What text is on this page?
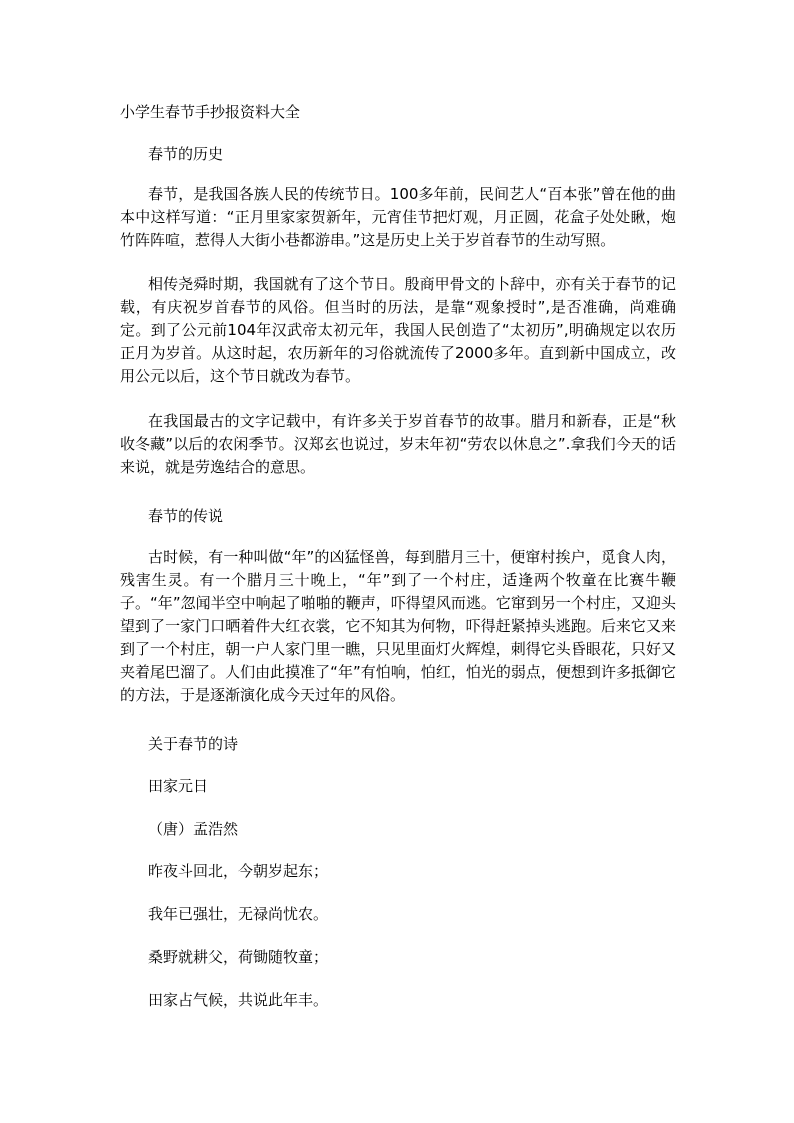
小学生春节手抄报资料大全
春节的历史

春节，是我国各族人民的传统节日。100多年前，民间艺人“百本张”曾在他的曲本中这样写道：“正月里家家贺新年，元宵佳节把灯观，月正圆，花盒子处处瞅，炮竹阵阵喧，惹得人大街小巷都游串。”这是历史上关于岁首春节的生动写照。

相传尧舜时期，我国就有了这个节日。殷商甲骨文的卜辞中，亦有关于春节的记载，有庆祝岁首春节的风俗。但当时的历法，是靠“观象授时”,是否准确，尚难确定。到了公元前104年汉武帝太初元年，我国人民创造了“太初历”,明确规定以农历正月为岁首。从这时起，农历新年的习俗就流传了2000多年。直到新中国成立，改用公元以后，这个节日就改为春节。

在我国最古的文字记载中，有许多关于岁首春节的故事。腊月和新春，正是“秋收冬藏”以后的农闲季节。汉郑玄也说过，岁末年初“劳农以休息之”.拿我们今天的话来说，就是劳逸结合的意思。

春节的传说

古时候，有一种叫做“年”的凶猛怪兽，每到腊月三十，便窜村挨户，觅食人肉，残害生灵。有一个腊月三十晚上，“年”到了一个村庄，适逢两个牧童在比赛牛鞭子。“年”忽闻半空中响起了啪啪的鞭声，吓得望风而逃。它窜到另一个村庄，又迎头望到了一家门口晒着件大红衣裳，它不知其为何物，吓得赶紧掉头逃跑。后来它又来到了一个村庄，朝一户人家门里一瞧，只见里面灯火辉煌，刺得它头昏眼花，只好又夹着尾巴溜了。人们由此摸准了“年”有怕响，怕红，怕光的弱点，便想到许多抵御它的方法，于是逐渐演化成今天过年的风俗。

关于春节的诗
田家元日
（唐）孟浩然
昨夜斗回北，今朝岁起东；
我年已强壮，无禄尚忧农。
桑野就耕父，荷锄随牧童；
田家占气候，共说此年丰。
